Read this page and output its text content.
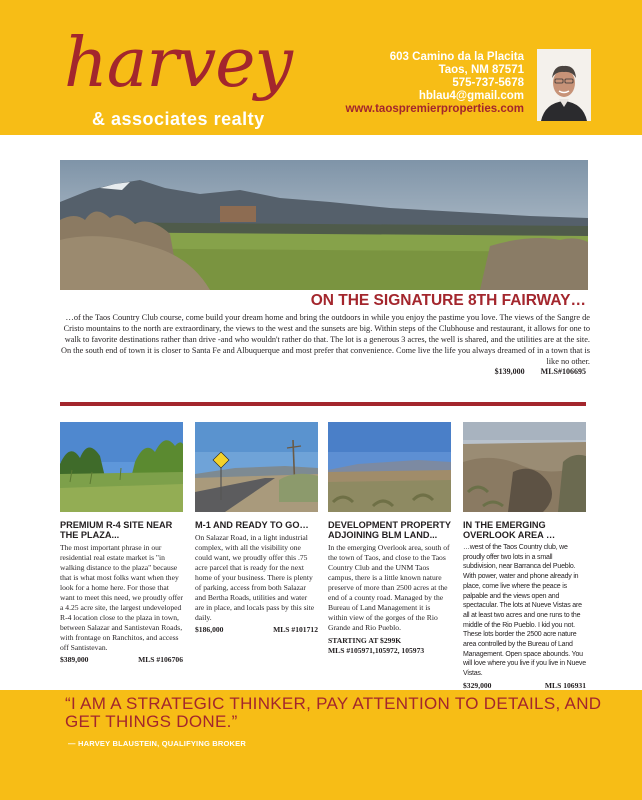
harvey
& associates realty
603 Camino da la Placita
Taos, NM 87571
575-737-5678
hblau4@gmail.com
www.taospremierproperties.com
ON THE SIGNATURE 8TH FAIRWAY…
…of the Taos Country Club course, come build your dream home and bring the outdoors in while you enjoy the pastime you love. The views of the Sangre de Cristo mountains to the north are extraordinary, the views to the west and the sunsets are big. Within steps of the Clubhouse and restaurant, it allows for one to walk to favorite destinations rather than drive -and who wouldn't rather do that. The lot is a generous 3 acres, the well is shared, and the utilities are at the site. On the south end of town it is closer to Santa Fe and Albuquerque and most prefer that convenience. Come live the life you always dreamed of in a town that is like no other.
$139,000 MLS#106695
PREMIUM R-4 SITE NEAR THE PLAZA...

The most important phrase in our residential real estate market is "in walking distance to the plaza" because that is what most folks want when they look for a home here. For those that want to meet this need, we proudly offer a 4.25 acre site, the largest undeveloped R-4 location close to the plaza in town, between Salazar and Santistevan Roads, with frontage on Ranchitos, and access off Santistevan.

$389,000	MLS #106706
M-1 AND READY TO GO…

On Salazar Road, in a light industrial complex, with all the visibility one could want, we proudly offer this .75 acre parcel that is ready for the next home of your business. There is plenty of parking, access from both Salazar and Bertha Roads, utilities and water are in place, and locals pass by this site daily.

$186,000	MLS #101712
DEVELOPMENT PROPERTY ADJOINING BLM LAND...

In the emerging Overlook area, south of the town of Taos, and close to the Taos Country Club and the UNM Taos campus, there is a little known nature preserve of more than 2500 acres at the end of a county road. Managed by the Bureau of Land Management it is within view of the gorges of the Rio Grande and Rio Pueblo.

STARTING AT $299K
MLS #105971,105972, 105973
IN THE EMERGING OVERLOOK AREA …

…west of the Taos Country club, we proudly offer two lots in a small subdivision, near Barranca del Pueblo. With power, water and phone already in place, come live where the peace is palpable and the views open and spectacular. The lots at Nueve Vistas are all at least two acres and one runs to the middle of the Rio Pueblo. I kid you not. These lots border the 2500 acre nature area controlled by the Bureau of Land Management. Open space abounds. You will love where you live if you live in Nueve Vistas.

$329,000	MLS 106931
“I AM A STRATEGIC THINKER, PAY ATTENTION TO DETAILS, AND GET THINGS DONE.”
— HARVEY BLAUSTEIN, QUALIFYING BROKER
